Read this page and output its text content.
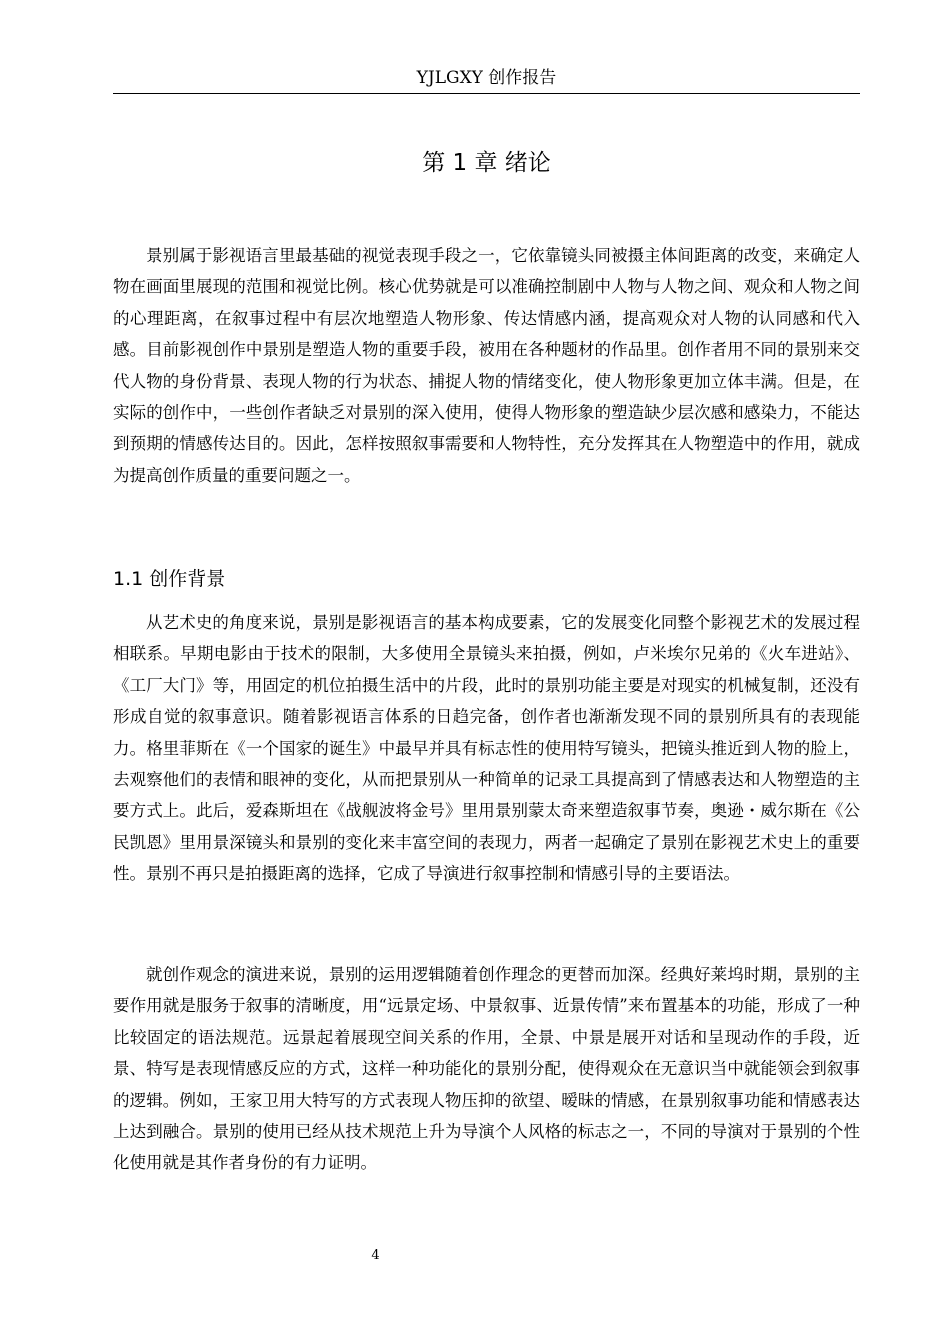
YJLGXY 创作报告
第 1 章 绪论

景别属于影视语言里最基础的视觉表现手段之一，它依靠镜头同被摄主体间距离的改变，来确定人物在画面里展现的范围和视觉比例。核心优势就是可以准确控制剧中人物与人物之间、观众和人物之间的心理距离，在叙事过程中有层次地塑造人物形象、传达情感内涵，提高观众对人物的认同感和代入感。目前影视创作中景别是塑造人物的重要手段，被用在各种题材的作品里。创作者用不同的景别来交代人物的身份背景、表现人物的行为状态、捕捉人物的情绪变化，使人物形象更加立体丰满。但是，在实际的创作中，一些创作者缺乏对景别的深入使用，使得人物形象的塑造缺少层次感和感染力，不能达到预期的情感传达目的。因此，怎样按照叙事需要和人物特性，充分发挥其在人物塑造中的作用，就成为提高创作质量的重要问题之一。

1.1 创作背景

从艺术史的角度来说，景别是影视语言的基本构成要素，它的发展变化同整个影视艺术的发展过程相联系。早期电影由于技术的限制，大多使用全景镜头来拍摄，例如，卢米埃尔兄弟的《火车进站》、《工厂大门》等，用固定的机位拍摄生活中的片段，此时的景别功能主要是对现实的机械复制，还没有形成自觉的叙事意识。随着影视语言体系的日趋完备，创作者也渐渐发现不同的景别所具有的表现能力。格里菲斯在《一个国家的诞生》中最早并具有标志性的使用特写镜头，把镜头推近到人物的脸上，去观察他们的表情和眼神的变化，从而把景别从一种简单的记录工具提高到了情感表达和人物塑造的主要方式上。此后，爱森斯坦在《战舰波将金号》里用景别蒙太奇来塑造叙事节奏，奥逊・威尔斯在《公民凯恩》里用景深镜头和景别的变化来丰富空间的表现力，两者一起确定了景别在影视艺术史上的重要性。景别不再只是拍摄距离的选择，它成了导演进行叙事控制和情感引导的主要语法。

就创作观念的演进来说，景别的运用逻辑随着创作理念的更替而加深。经典好莱坞时期，景别的主要作用就是服务于叙事的清晰度，用“远景定场、中景叙事、近景传情”来布置基本的功能，形成了一种比较固定的语法规范。远景起着展现空间关系的作用，全景、中景是展开对话和呈现动作的手段，近景、特写是表现情感反应的方式，这样一种功能化的景别分配，使得观众在无意识当中就能领会到叙事的逻辑。例如，王家卫用大特写的方式表现人物压抑的欲望、暧昧的情感，在景别叙事功能和情感表达上达到融合。景别的使用已经从技术规范上升为导演个人风格的标志之一，不同的导演对于景别的个性化使用就是其作者身份的有力证明。

4
